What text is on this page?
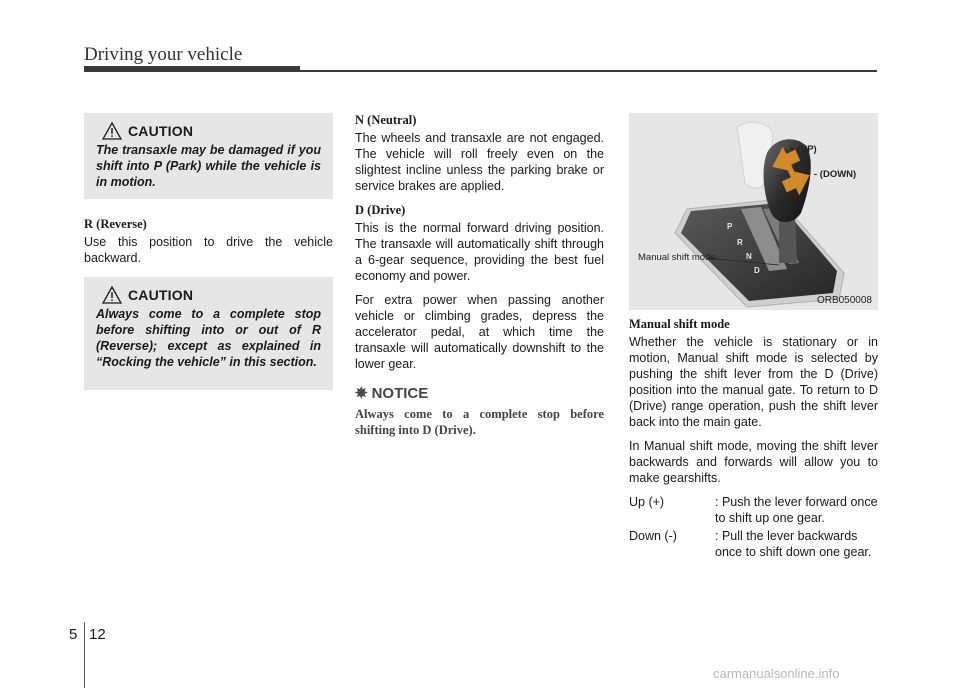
Driving your vehicle
CAUTION
The transaxle may be damaged if you shift into P (Park) while the vehicle is in motion.
R (Reverse)
Use this position to drive the vehicle backward.
CAUTION
Always come to a complete stop before shifting into or out of R (Reverse); except as explained in “Rocking the vehicle” in this section.
N (Neutral)
The wheels and transaxle are not engaged. The vehicle will roll freely even on the slightest incline unless the parking brake or service brakes are applied.
D (Drive)
This is the normal forward driving position. The transaxle will automatically shift through a 6-gear sequence, providing the best fuel economy and power.
For extra power when passing another vehicle or climbing grades, depress the accelerator pedal, at which time the transaxle will automatically downshift to the lower gear.
✵ NOTICE
Always come to a complete stop before shifting into D (Drive).
P
R
N
D
+ (UP)
- (DOWN)
Manual shift mode
ORB050008
Manual shift mode
Whether the vehicle is stationary or in motion, Manual shift mode is selected by pushing the shift lever from the D (Drive) position into the manual gate. To return to D (Drive) range operation, push the shift lever back into the main gate.
In Manual shift mode, moving the shift lever backwards and forwards will allow you to make gearshifts.
Up (+)	: Push the lever forward once to shift up one gear.
Down (-)	: Pull the lever backwards once to shift down one gear.
5 12
carmanualsonline.info
